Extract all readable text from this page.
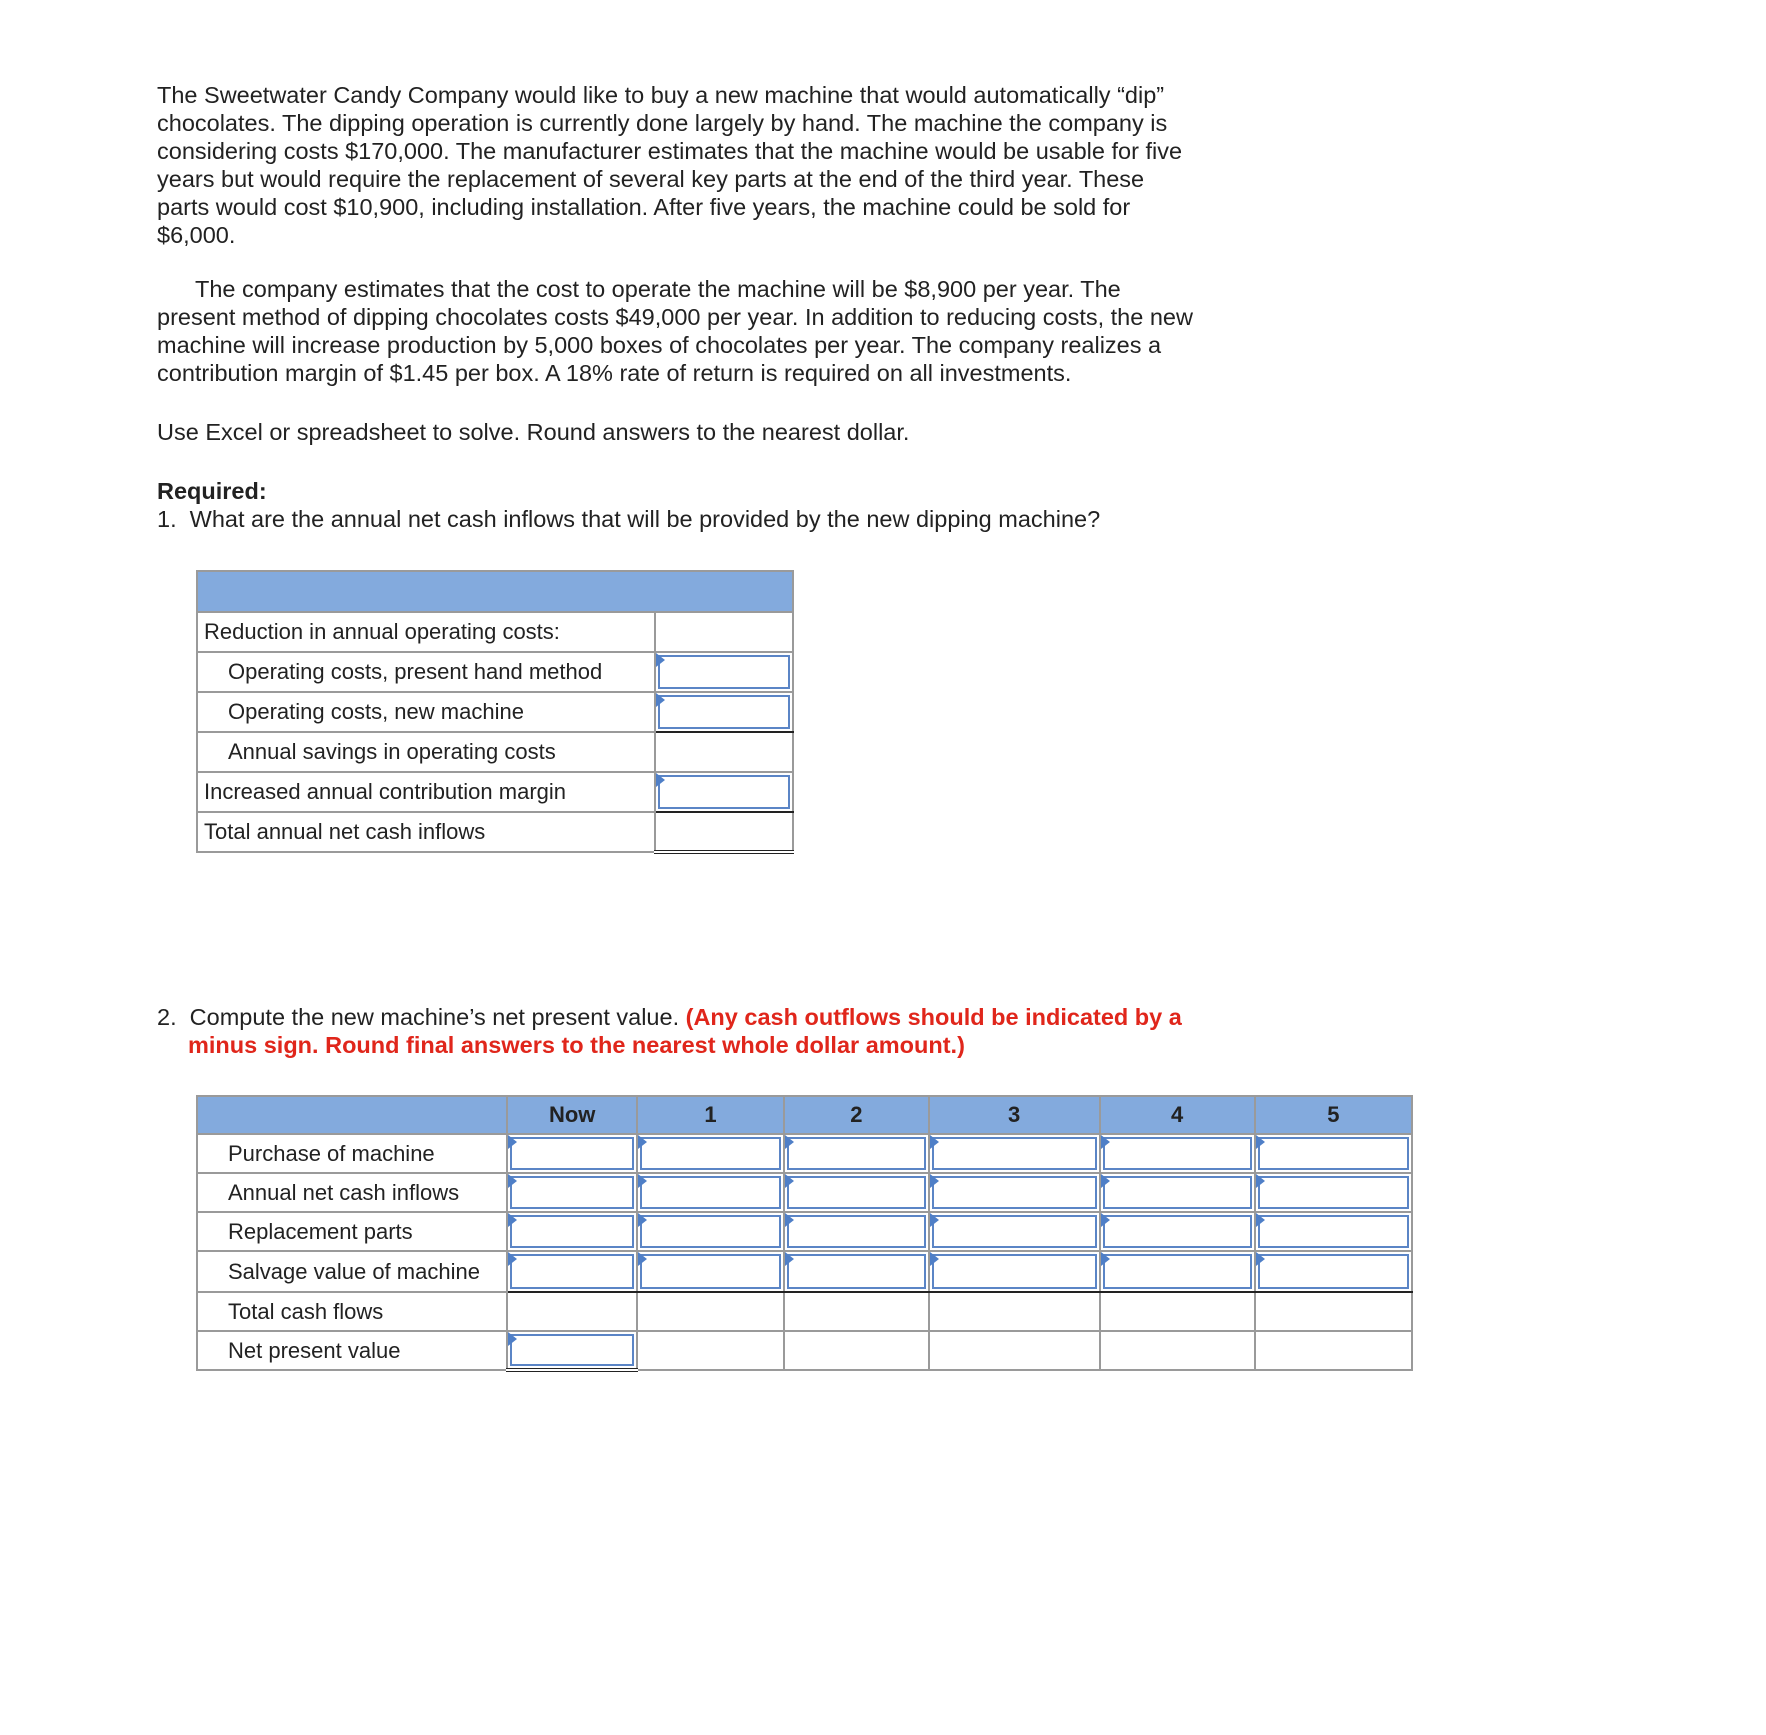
The Sweetwater Candy Company would like to buy a new machine that would automatically “dip” chocolates. The dipping operation is currently done largely by hand. The machine the company is considering costs $170,000. The manufacturer estimates that the machine would be usable for five years but would require the replacement of several key parts at the end of the third year. These parts would cost $10,900, including installation. After five years, the machine could be sold for $6,000.

The company estimates that the cost to operate the machine will be $8,900 per year. The present method of dipping chocolates costs $49,000 per year. In addition to reducing costs, the new machine will increase production by 5,000 boxes of chocolates per year. The company realizes a contribution margin of $1.45 per box. A 18% rate of return is required on all investments.

Use Excel or spreadsheet to solve. Round answers to the nearest dollar.

Required:

1.  What are the annual net cash inflows that will be provided by the new dipping machine?

Reduction in annual operating costs:	
Operating costs, present hand method	

Operating costs, new machine	

Annual savings in operating costs	
Increased annual contribution margin	

Total annual net cash inflows	

2.  Compute the new machine’s net present value. (Any cash outflows should be indicated by a minus sign. Round final answers to the nearest whole dollar amount.)

	Now	1	2	3	4	5
Purchase of machine	

Annual net cash inflows	

Replacement parts	

Salvage value of machine	

Total cash flows						
Net present value	
